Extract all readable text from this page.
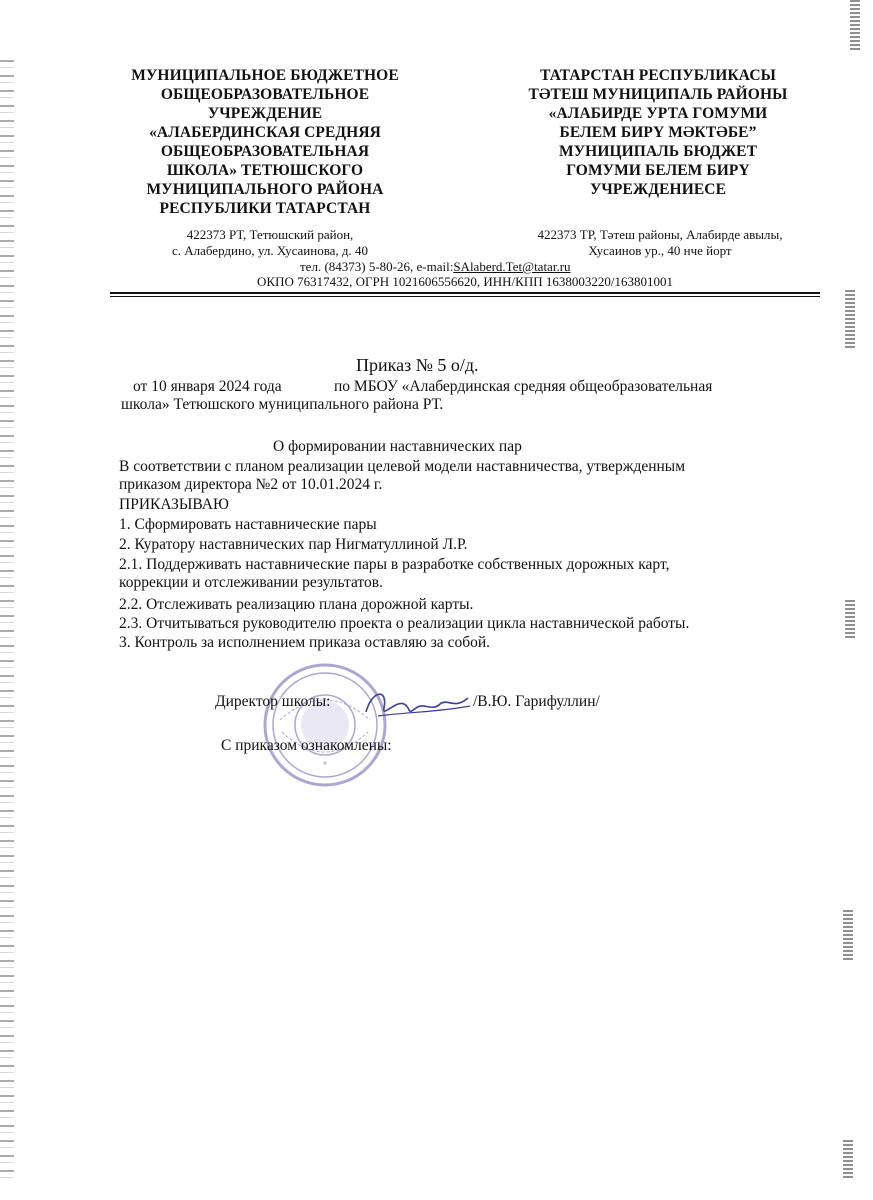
МУНИЦИПАЛЬНОЕ БЮДЖЕТНОЕ
ОБЩЕОБРАЗОВАТЕЛЬНОЕ
УЧРЕЖДЕНИЕ
«АЛАБЕРДИНСКАЯ СРЕДНЯЯ
ОБЩЕОБРАЗОВАТЕЛЬНАЯ
ШКОЛА» ТЕТЮШСКОГО
МУНИЦИПАЛЬНОГО РАЙОНА
РЕСПУБЛИКИ ТАТАРСТАН
ТАТАРСТАН РЕСПУБЛИКАСЫ
ТӘТЕШ МУНИЦИПАЛЬ РАЙОНЫ
«АЛАБИРДЕ УРТА ГОМУМИ
БЕЛЕМ БИРҮ МӘКТӘБЕ”
МУНИЦИПАЛЬ БЮДЖЕТ
ГОМУМИ БЕЛЕМ БИРҮ
УЧРЕЖДЕНИЕСЕ
422373 РТ, Тетюшский район,
с. Алабердино, ул. Хусаинова, д. 40
422373 ТР, Тәтеш районы, Алабирде авылы,
Хусаинов ур., 40 нче йорт
тел. (84373) 5-80-26, e-mail:SAlaberd.Tet@tatar.ru
ОКПО 76317432, ОГРН 1021606556620, ИНН/КПП 1638003220/163801001
Приказ № 5 о/д.
от 10 января 2024 года	по МБОУ «Алабердинская средняя общеобразовательная
школа» Тетюшского муниципального района РТ.
О формировании наставнических пар
В соответствии с планом реализации целевой модели наставничества, утвержденным
приказом директора №2 от 10.01.2024 г.
ПРИКАЗЫВАЮ
1. Сформировать наставнические пары
2. Куратору наставнических пар Нигматуллиной Л.Р.
2.1. Поддерживать наставнические пары в разработке собственных дорожных карт,
коррекции и отслеживании результатов.
2.2. Отслеживать реализацию плана дорожной карты.
2.3. Отчитываться руководителю проекта о реализации цикла наставнической работы.
3. Контроль за исполнением приказа оставляю за собой.
*
Директор школы:	/В.Ю. Гарифуллин/
С приказом ознакомлены:
